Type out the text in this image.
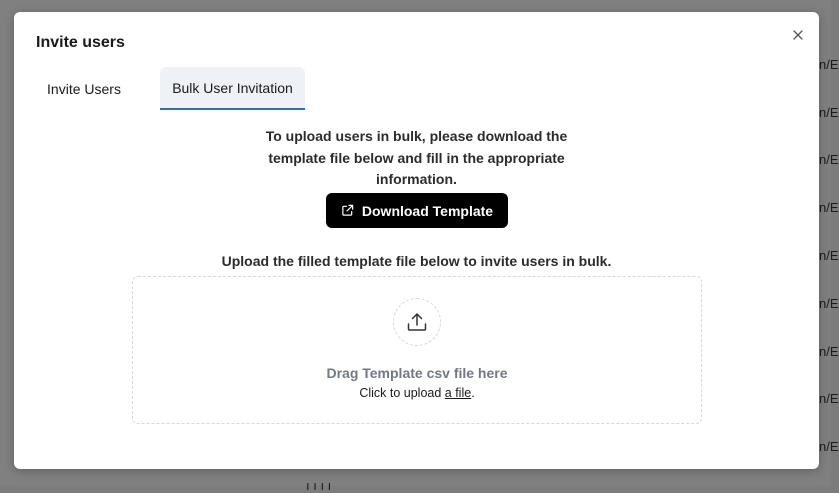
n/E
n/E
n/E
n/E
n/E
n/E
n/E
n/E
n/E
ı ı ı ı
Invite users
Invite Users	Bulk User Invitation
To upload users in bulk, please download the template file below and fill in the appropriate information.
Download Template
Upload the filled template file below to invite users in bulk.
Drag Template csv file here
Click to upload a file.
